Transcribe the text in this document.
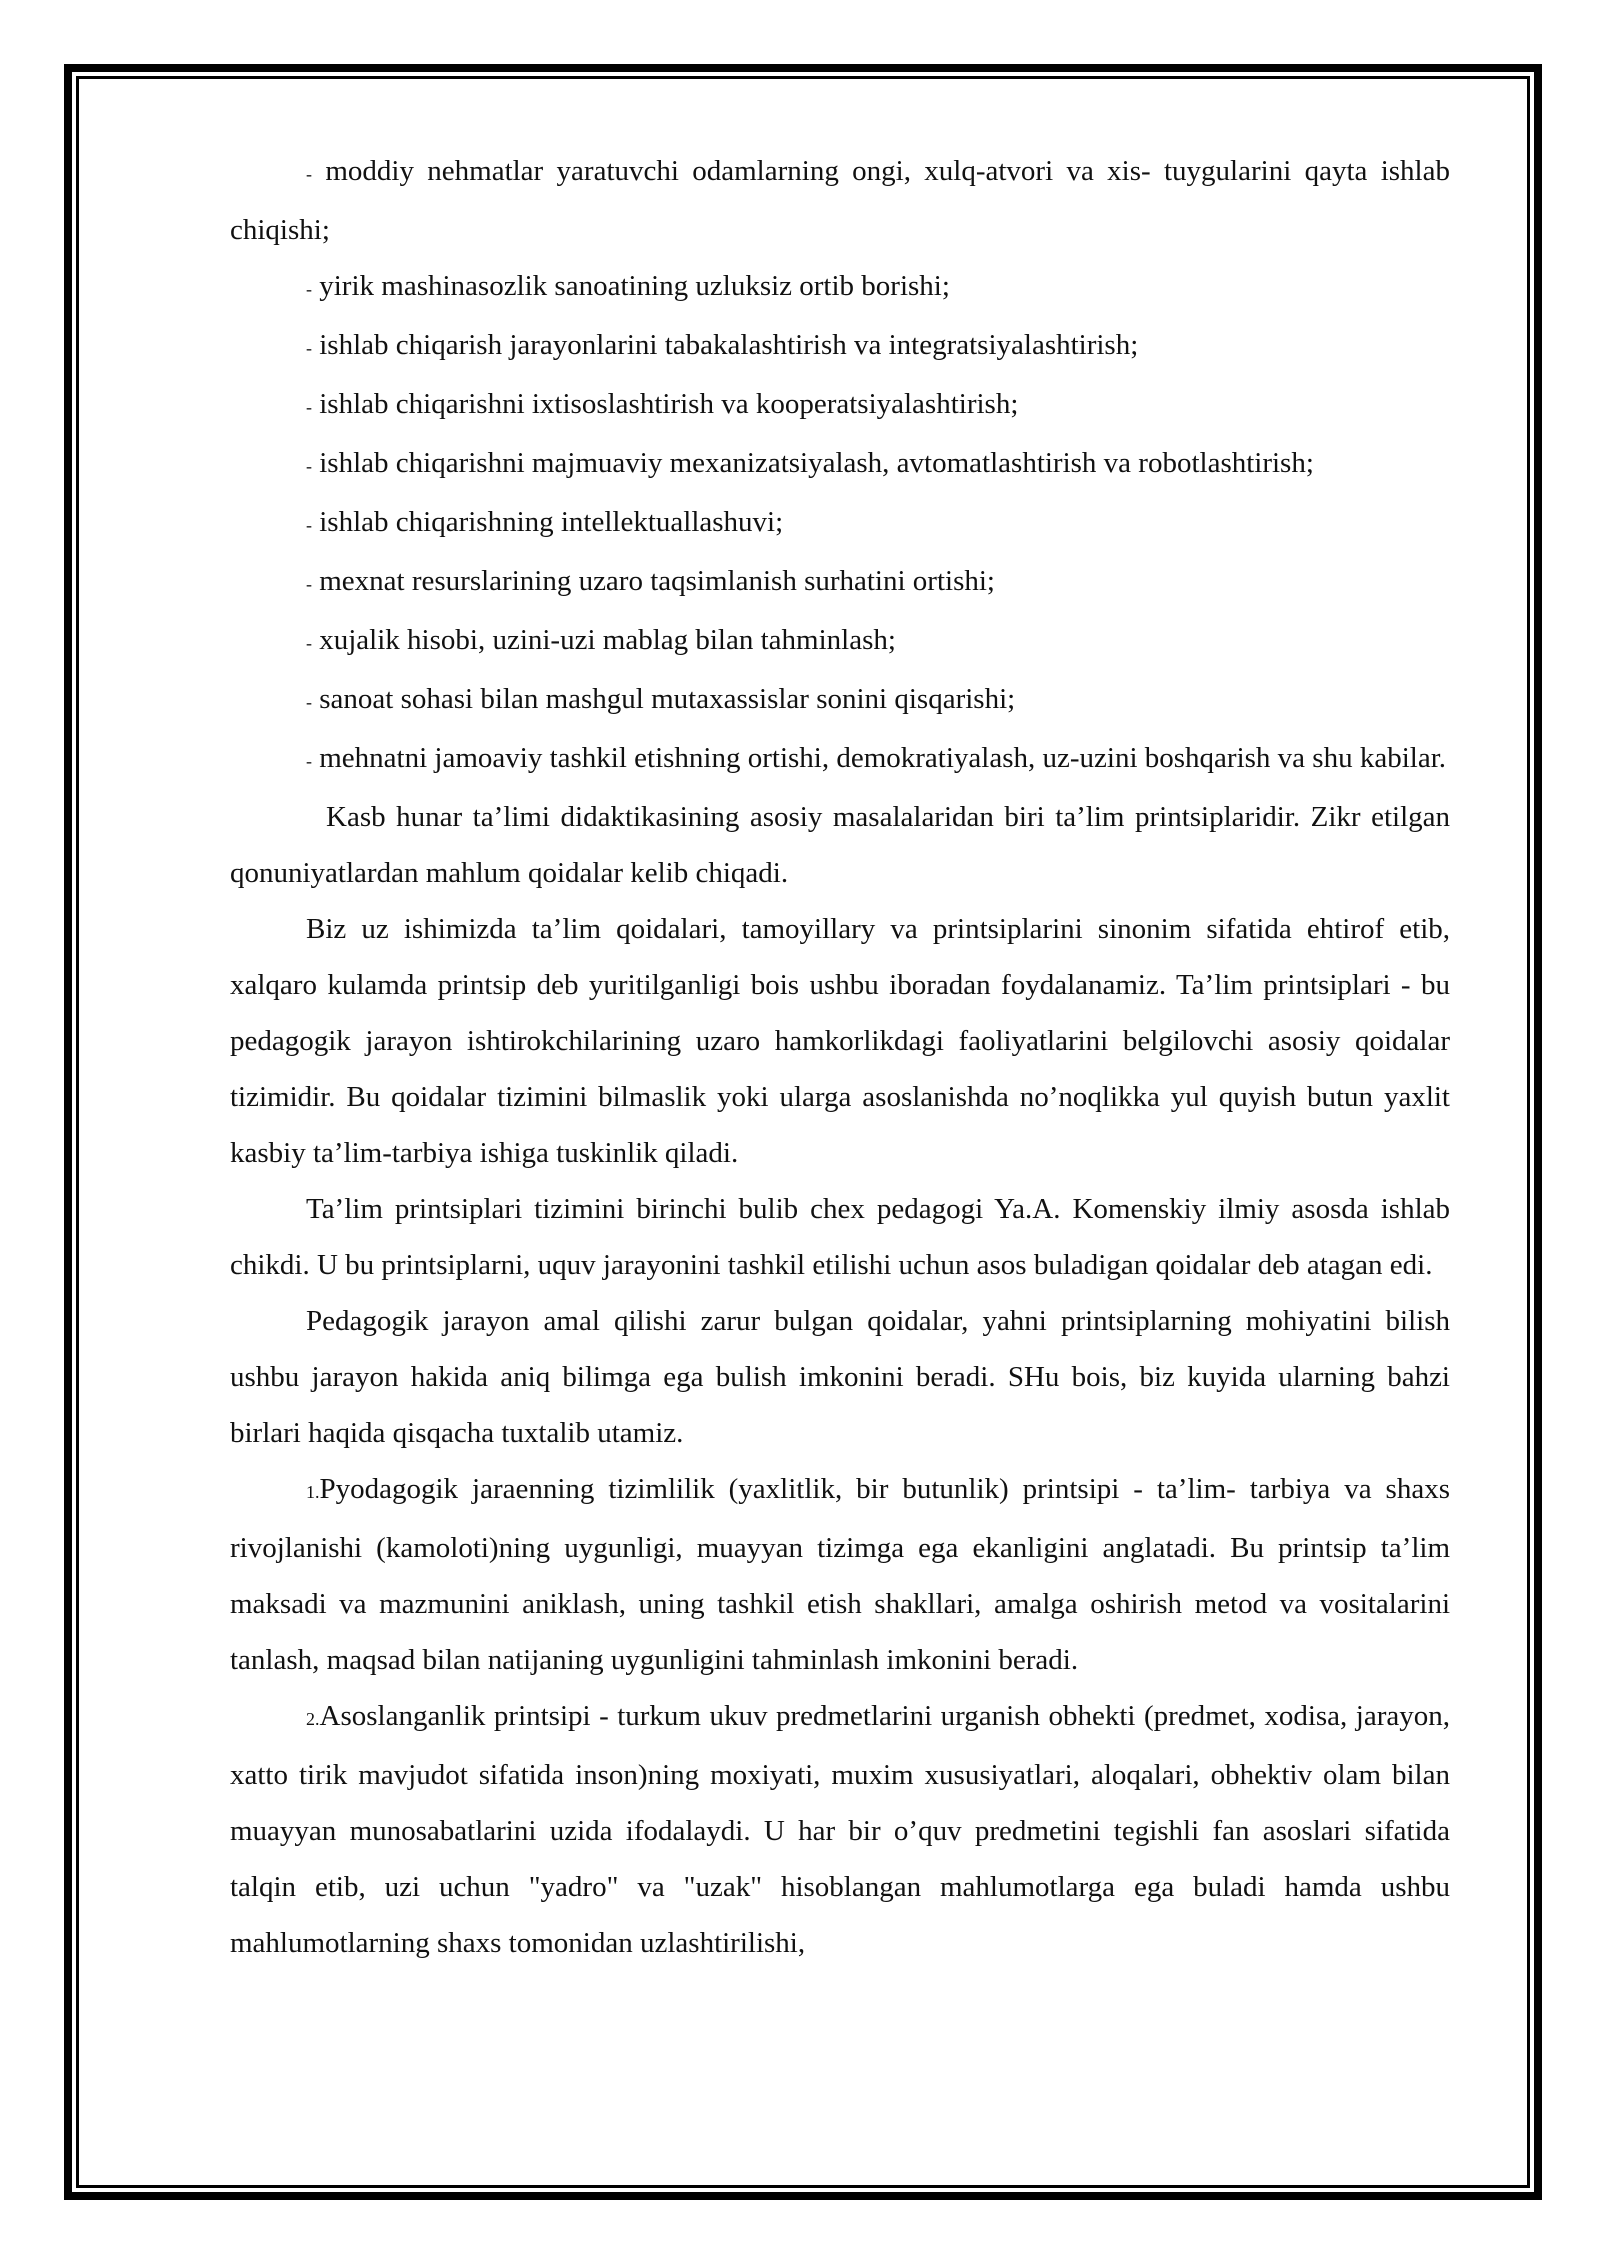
- moddiy nehmatlar yaratuvchi odamlarning ongi, xulq-atvori va xis- tuygularini qayta ishlab chiqishi;

- yirik mashinasozlik sanoatining uzluksiz ortib borishi;

- ishlab chiqarish jarayonlarini tabakalashtirish va integratsiyalashtirish;

- ishlab chiqarishni ixtisoslashtirish va kooperatsiyalashtirish;

- ishlab chiqarishni majmuaviy mexanizatsiyalash, avtomatlashtirish va robotlashtirish;

- ishlab chiqarishning intellektuallashuvi;

- mexnat resurslarining uzaro taqsimlanish surhatini ortishi;

- xujalik hisobi, uzini-uzi mablag bilan tahminlash;

- sanoat sohasi bilan mashgul mutaxassislar sonini qisqarishi;

- mehnatni jamoaviy tashkil etishning ortishi, demokratiyalash, uz-uzini boshqarish va shu kabilar.

Kasb hunar ta’limi didaktikasining asosiy masalalaridan biri ta’lim printsiplaridir. Zikr etilgan qonuniyatlardan mahlum qoidalar kelib chiqadi.

Biz uz ishimizda ta’lim qoidalari, tamoyillary va printsiplarini sinonim sifatida ehtirof etib, xalqaro kulamda printsip deb yuritilganligi bois ushbu iboradan foydalanamiz. Ta’lim printsiplari - bu pedagogik jarayon ishtirokchilarining uzaro hamkorlikdagi faoliyatlarini belgilovchi asosiy qoidalar tizimidir. Bu qoidalar tizimini bilmaslik yoki ularga asoslanishda no’noqlikka yul quyish butun yaxlit kasbiy ta’lim-tarbiya ishiga tuskinlik qiladi.

Ta’lim printsiplari tizimini birinchi bulib chex pedagogi Ya.A. Komenskiy ilmiy asosda ishlab chikdi. U bu printsiplarni, uquv jarayonini tashkil etilishi uchun asos buladigan qoidalar deb atagan edi.

Pedagogik jarayon amal qilishi zarur bulgan qoidalar, yahni printsiplarning mohiyatini bilish ushbu jarayon hakida aniq bilimga ega bulish imkonini beradi. SHu bois, biz kuyida ularning bahzi birlari haqida qisqacha tuxtalib utamiz.

1.Pyodagogik jaraenning tizimlilik (yaxlitlik, bir butunlik) printsipi - ta’lim- tarbiya va shaxs rivojlanishi (kamoloti)ning uygunligi, muayyan tizimga ega ekanligini anglatadi. Bu printsip ta’lim maksadi va mazmunini aniklash, uning tashkil etish shakllari, amalga oshirish metod va vositalarini tanlash, maqsad bilan natijaning uygunligini tahminlash imkonini beradi.

2.Asoslanganlik printsipi - turkum ukuv predmetlarini urganish obhekti (predmet, xodisa, jarayon, xatto tirik mavjudot sifatida inson)ning moxiyati, muxim xususiyatlari, aloqalari, obhektiv olam bilan muayyan munosabatlarini uzida ifodalaydi. U har bir o’quv predmetini tegishli fan asoslari sifatida talqin etib, uzi uchun "yadro" va "uzak" hisoblangan mahlumotlarga ega buladi hamda ushbu mahlumotlarning shaxs tomonidan uzlashtirilishi,
